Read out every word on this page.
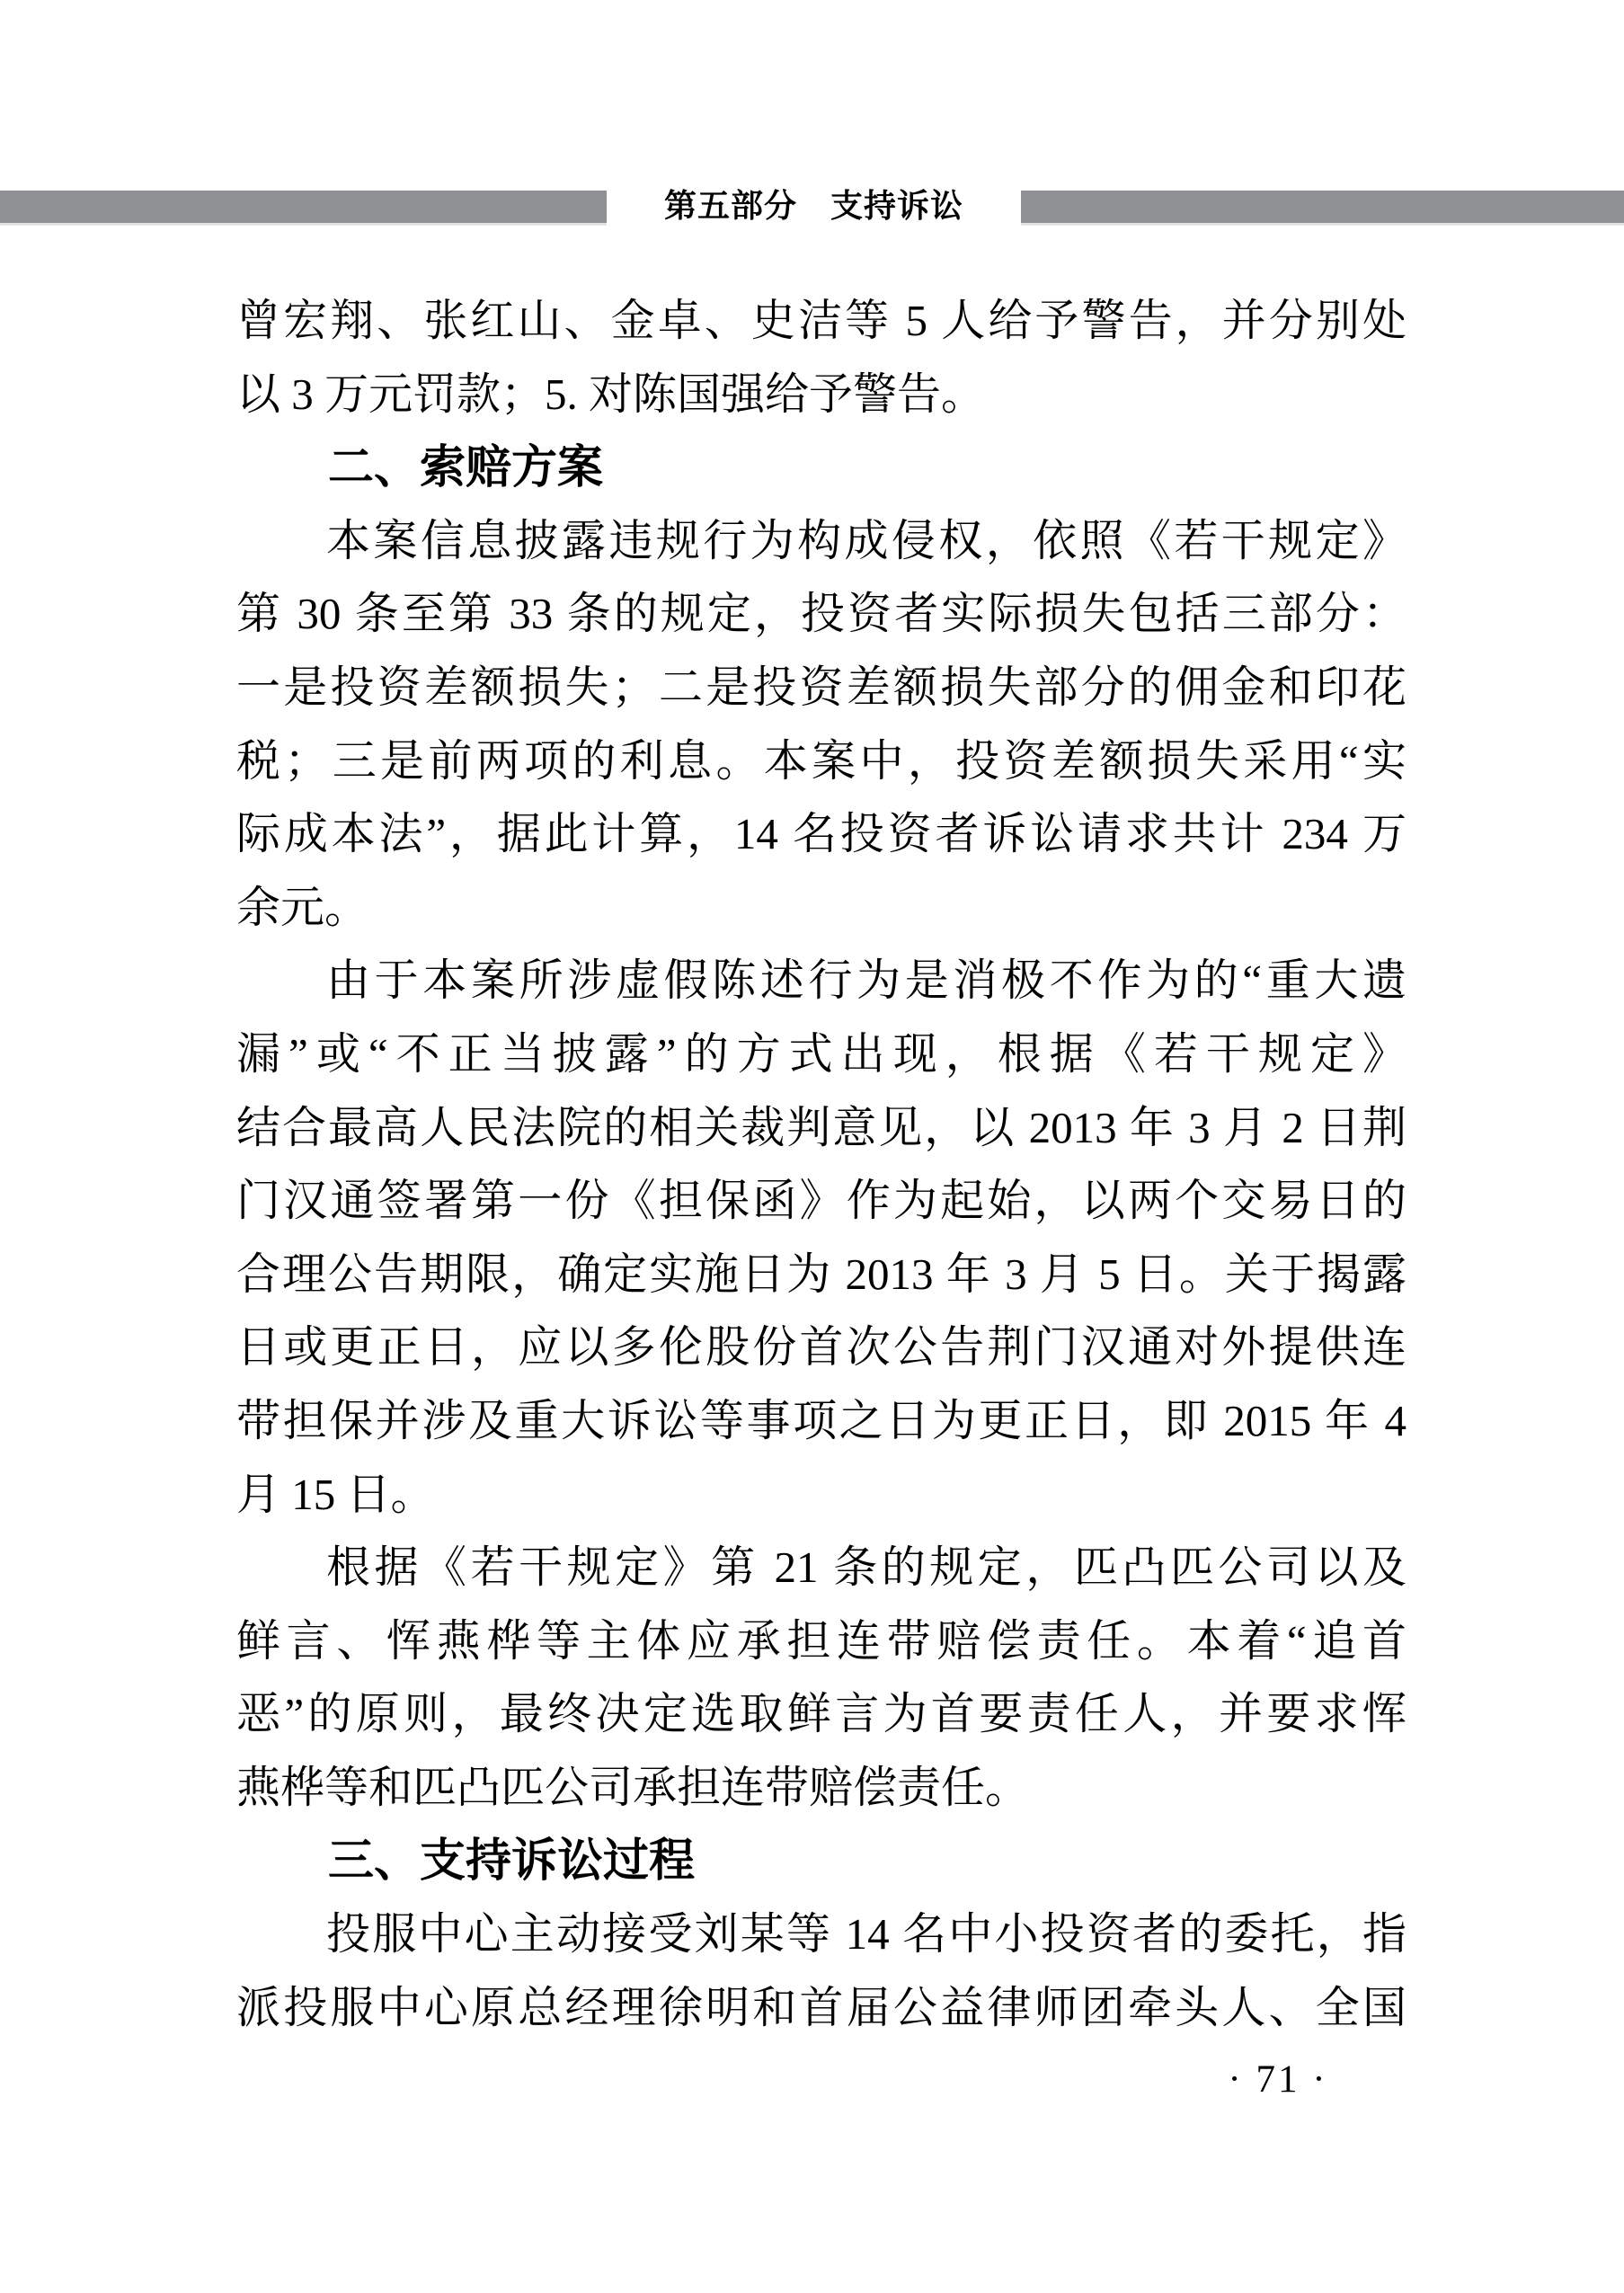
第五部分　支持诉讼
曾宏翔、张红山、金卓、史洁等 5 人给予警告，并分别处
以 3 万元罚款；5. 对陈国强给予警告。
二、索赔方案
本案信息披露违规行为构成侵权，依照《若干规定》
第 30 条至第 33 条的规定，投资者实际损失包括三部分：
一是投资差额损失；二是投资差额损失部分的佣金和印花
税；三是前两项的利息。本案中，投资差额损失采用“实
际成本法”，据此计算，14 名投资者诉讼请求共计 234 万
余元。
由于本案所涉虚假陈述行为是消极不作为的“重大遗
漏”或“不正当披露”的方式出现，根据《若干规定》
结合最高人民法院的相关裁判意见，以 2013 年 3 月 2 日荆
门汉通签署第一份《担保函》作为起始，以两个交易日的
合理公告期限，确定实施日为 2013 年 3 月 5 日。关于揭露
日或更正日，应以多伦股份首次公告荆门汉通对外提供连
带担保并涉及重大诉讼等事项之日为更正日，即 2015 年 4
月 15 日。
根据《若干规定》第 21 条的规定，匹凸匹公司以及
鲜言、恽燕桦等主体应承担连带赔偿责任。本着“追首
恶”的原则，最终决定选取鲜言为首要责任人，并要求恽
燕桦等和匹凸匹公司承担连带赔偿责任。
三、支持诉讼过程
投服中心主动接受刘某等 14 名中小投资者的委托，指
派投服中心原总经理徐明和首届公益律师团牵头人、全国
· 71 ·
